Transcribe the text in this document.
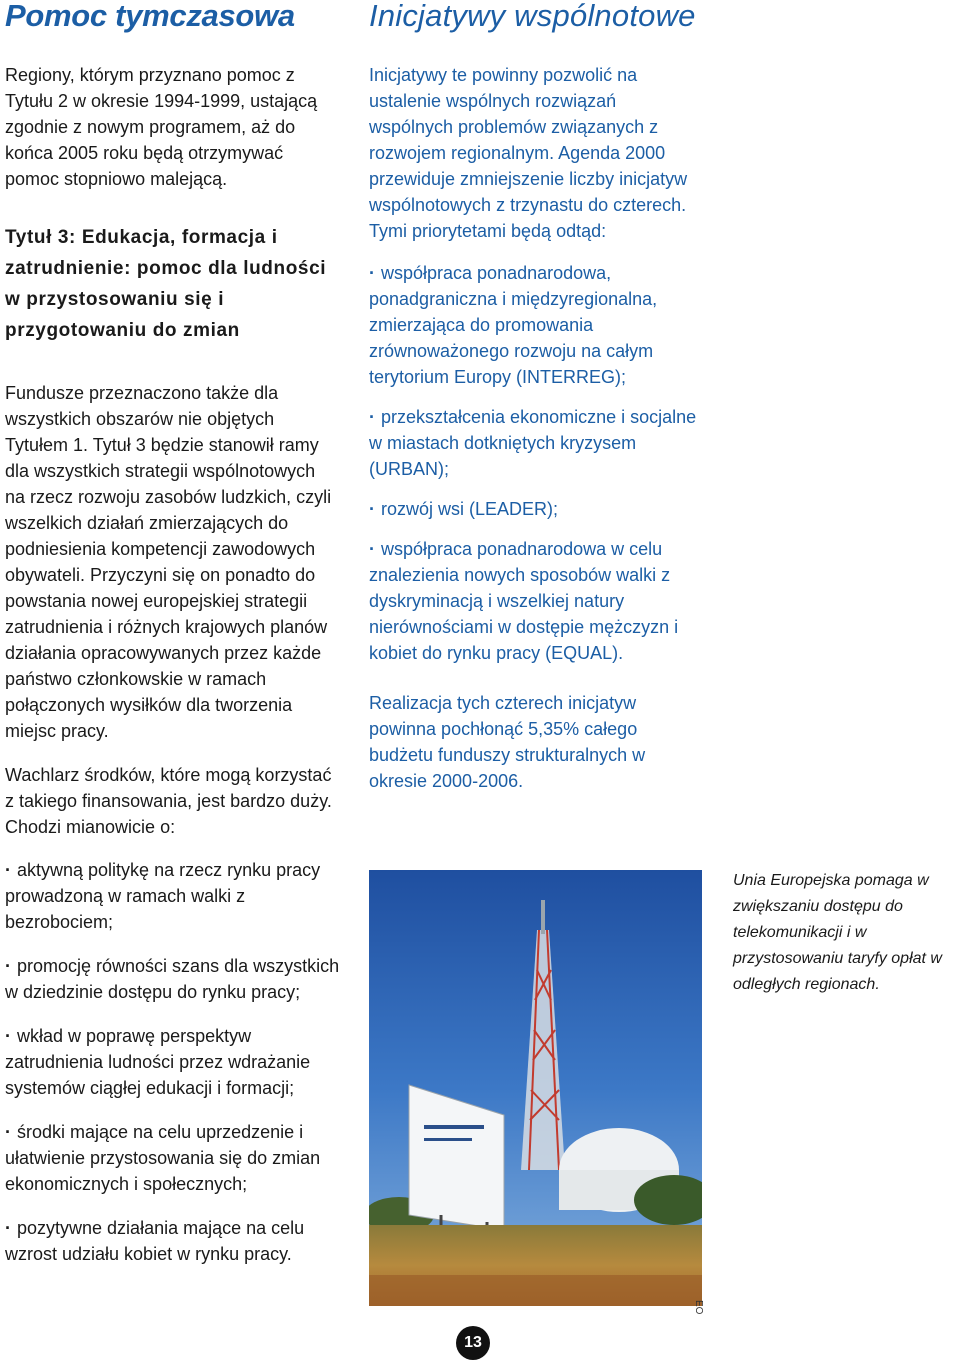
Pomoc tymczasowa

Regiony, którym przyznano pomoc z Tytułu 2 w okresie 1994-1999, ustającą zgodnie z nowym programem, aż do końca 2005 roku będą otrzymywać pomoc stopniowo malejącą.

Tytuł 3: Edukacja, formacja i zatrudnienie: pomoc dla ludności w przystosowaniu się i przygotowaniu do zmian

Fundusze przeznaczono także dla wszystkich obszarów nie objętych Tytułem 1. Tytuł 3 będzie stanowił ramy dla wszystkich strategii wspólnotowych na rzecz rozwoju zasobów ludzkich, czyli wszelkich działań zmierzających do podniesienia kompetencji zawodowych obywateli. Przyczyni się on ponadto do powstania nowej europejskiej strategii zatrudnienia i różnych krajowych planów działania opracowywanych przez każde państwo członkowskie w ramach połączonych wysiłków dla tworzenia miejsc pracy.

Wachlarz środków, które mogą korzystać z takiego finansowania, jest bardzo duży. Chodzi mianowicie o:

· aktywną politykę na rzecz rynku pracy prowadzoną w ramach walki z bezrobociem;
· promocję równości szans dla wszystkich w dziedzinie dostępu do rynku pracy;
· wkład w poprawę perspektyw zatrudnienia ludności przez wdrażanie systemów ciągłej edukacji i formacji;
· środki mające na celu uprzedzenie i ułatwienie przystosowania się do zmian ekonomicznych i społecznych;
· pozytywne działania mające na celu wzrost udziału kobiet w rynku pracy.
Inicjatywy wspólnotowe

Inicjatywy te powinny pozwolić na ustalenie wspólnych rozwiązań wspólnych problemów związanych z rozwojem regionalnym. Agenda 2000 przewiduje zmniejszenie liczby inicjatyw wspólnotowych z trzynastu do czterech. Tymi priorytetami będą odtąd:

· współpraca ponadnarodowa, ponadgraniczna i międzyregionalna, zmierzająca do promowania zrównoważonego rozwoju na całym terytorium Europy (INTERREG);
· przekształcenia ekonomiczne i socjalne w miastach dotkniętych kryzysem (URBAN);
· rozwój wsi (LEADER);
· współpraca ponadnarodowa w celu znalezienia nowych sposobów walki z dyskryminacją i wszelkiej natury nierównościami w dostępie mężczyzn i kobiet do rynku pracy (EQUAL).

Realizacja tych czterech inicjatyw powinna pochłonąć 5,35% całego budżetu funduszy strukturalnych w okresie 2000-2006.

Unia Europejska pomaga w zwiększaniu dostępu do telekomunikacji i w przystosowaniu taryfy opłat w odległych regionach.

EO
13
